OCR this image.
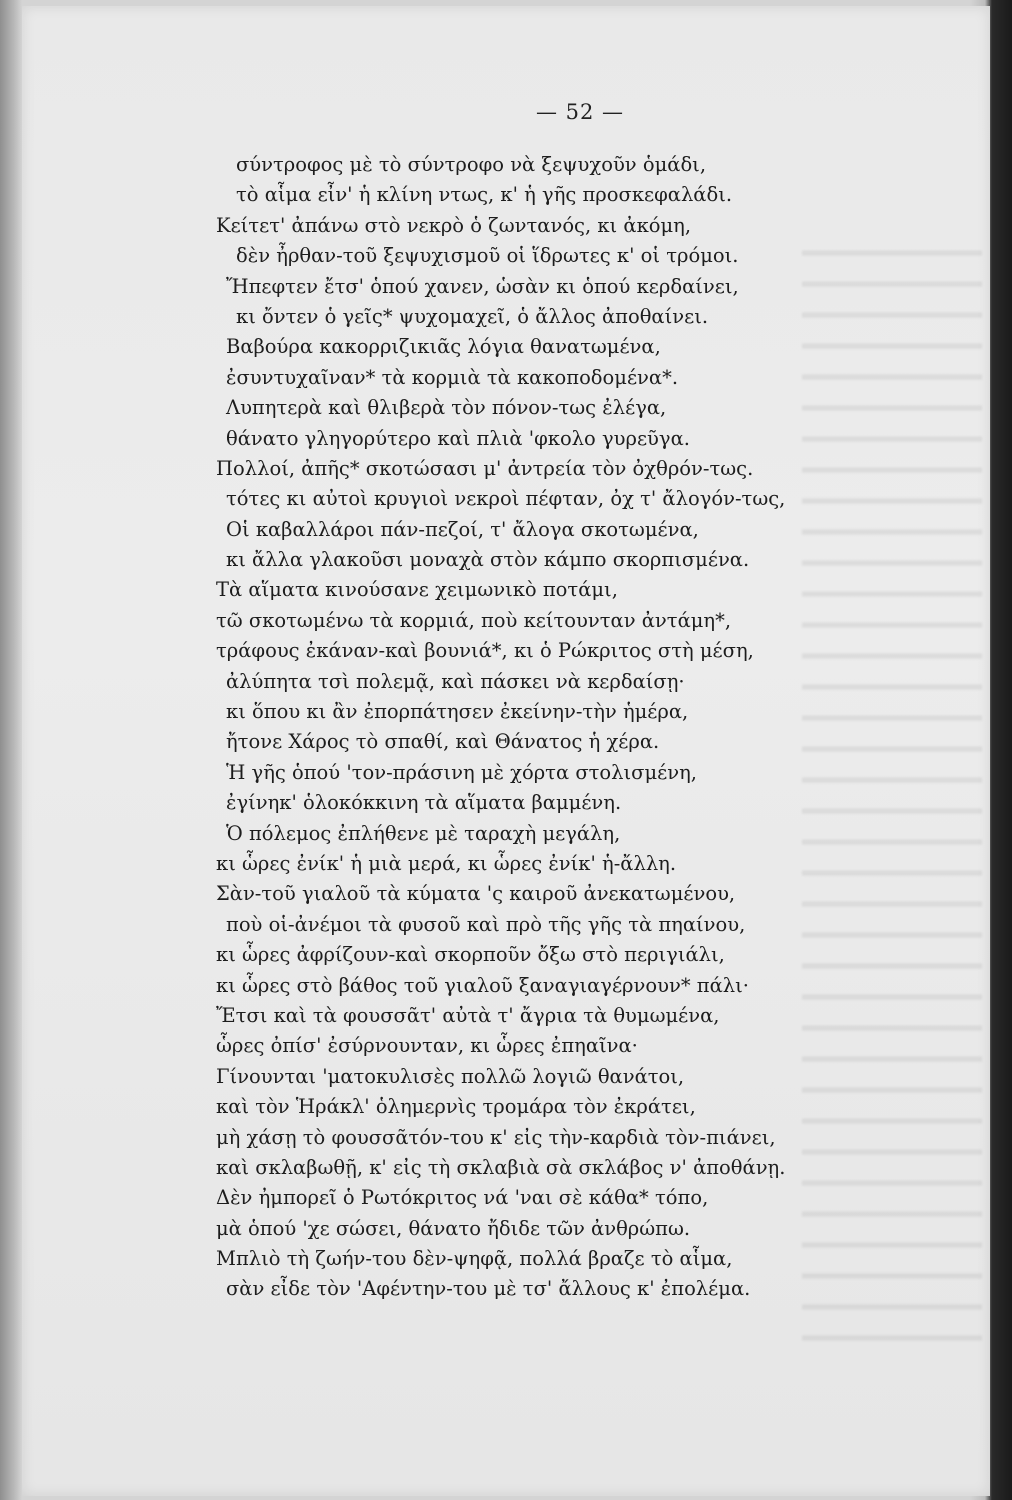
— 52 —
σύντροφος μὲ τὸ σύντροφο νὰ ξεψυχοῦν ὁμάδι,
τὸ αἷμα εἶν' ἡ κλίνη ντως, κ' ἡ γῆς προσκεφαλάδι.
Κείτετ' ἀπάνω στὸ νεκρὸ ὁ ζωντανός, κι ἀκόμη,
δὲν ἦρθαν-τοῦ ξεψυχισμοῦ οἱ ἵδρωτες κ' οἱ τρόμοι.
Ἤπεφτεν ἔτσ' ὁπού χανεν, ὡσὰν κι ὁπού κερδαίνει,
κι ὄντεν ὁ γεῖς* ψυχομαχεῖ, ὁ ἄλλος ἀποθαίνει.
Βαβούρα κακορριζικιᾶς λόγια θανατωμένα,
ἐσυντυχαῖναν* τὰ κορμιὰ τὰ κακοποδομένα*.
Λυπητερὰ καὶ θλιβερὰ τὸν πόνον-τως ἐλέγα,
θάνατο γληγορύτερο καὶ πλιὰ 'φκολο γυρεῦγα.
Πολλοί, ἀπῆς* σκοτώσασι μ' ἀντρεία τὸν ὀχθρόν-τως.
τότες κι αὐτοὶ κρυγιοὶ νεκροὶ πέφταν, ὀχ τ' ἄλογόν-τως,
Οἱ καβαλλάροι πάν-πεζοί, τ' ἄλογα σκοτωμένα,
κι ἄλλα γλακοῦσι μοναχὰ στὸν κάμπο σκορπισμένα.
Τὰ αἵματα κινούσανε χειμωνικὸ ποτάμι,
τῶ σκοτωμένω τὰ κορμιά, ποὺ κείτουνταν ἀντάμη*,
τράφους ἐκάναν-καὶ βουνιά*, κι ὁ Ρώκριτος στὴ μέση,
ἀλύπητα τσὶ πολεμᾷ, καὶ πάσκει νὰ κερδαίσῃ·
κι ὅπου κι ἂν ἐπορπάτησεν ἐκείνην-τὴν ἡμέρα,
ἤτονε Χάρος τὸ σπαθί, καὶ Θάνατος ἡ χέρα.
Ἡ γῆς ὁπού 'τον-πράσινη μὲ χόρτα στολισμένη,
ἐγίνηκ' ὁλοκόκκινη τὰ αἵματα βαμμένη.
Ὁ πόλεμος ἐπλήθενε μὲ ταραχὴ μεγάλη,
κι ὧρες ἐνίκ' ἡ μιὰ μερά, κι ὧρες ἐνίκ' ἡ-ἄλλη.
Σὰν-τοῦ γιαλοῦ τὰ κύματα 'ς καιροῦ ἀνεκατωμένου,
ποὺ οἱ-ἀνέμοι τὰ φυσοῦ καὶ πρὸ τῆς γῆς τὰ πηαίνου,
κι ὧρες ἀφρίζουν-καὶ σκορποῦν ὄξω στὸ περιγιάλι,
κι ὧρες στὸ βάθος τοῦ γιαλοῦ ξαναγιαγέρνουν* πάλι·
Ἔτσι καὶ τὰ φουσσᾶτ' αὐτὰ τ' ἄγρια τὰ θυμωμένα,
ὧρες ὀπίσ' ἐσύρνουνταν, κι ὧρες ἐπηαῖνα·
Γίνουνται 'ματοκυλισὲς πολλῶ λογιῶ θανάτοι,
καὶ τὸν Ἡράκλ' ὁλημερνὶς τρομάρα τὸν ἐκράτει,
μὴ χάσῃ τὸ φουσσᾶτόν-του κ' εἰς τὴν-καρδιὰ τὸν-πιάνει,
καὶ σκλαβωθῇ, κ' εἰς τὴ σκλαβιὰ σὰ σκλάβος ν' ἀποθάνῃ.
Δὲν ἠμπορεῖ ὁ Ρωτόκριτος νά 'ναι σὲ κάθα* τόπο,
μὰ ὁπού 'χε σώσει, θάνατο ἤδιδε τῶν ἀνθρώπω.
Μπλιὸ τὴ ζωήν-του δὲν-ψηφᾷ, πολλά βραζε τὸ αἷμα,
σὰν εἶδε τὸν 'Αφέντην-του μὲ τσ' ἄλλους κ' ἐπολέμα.
